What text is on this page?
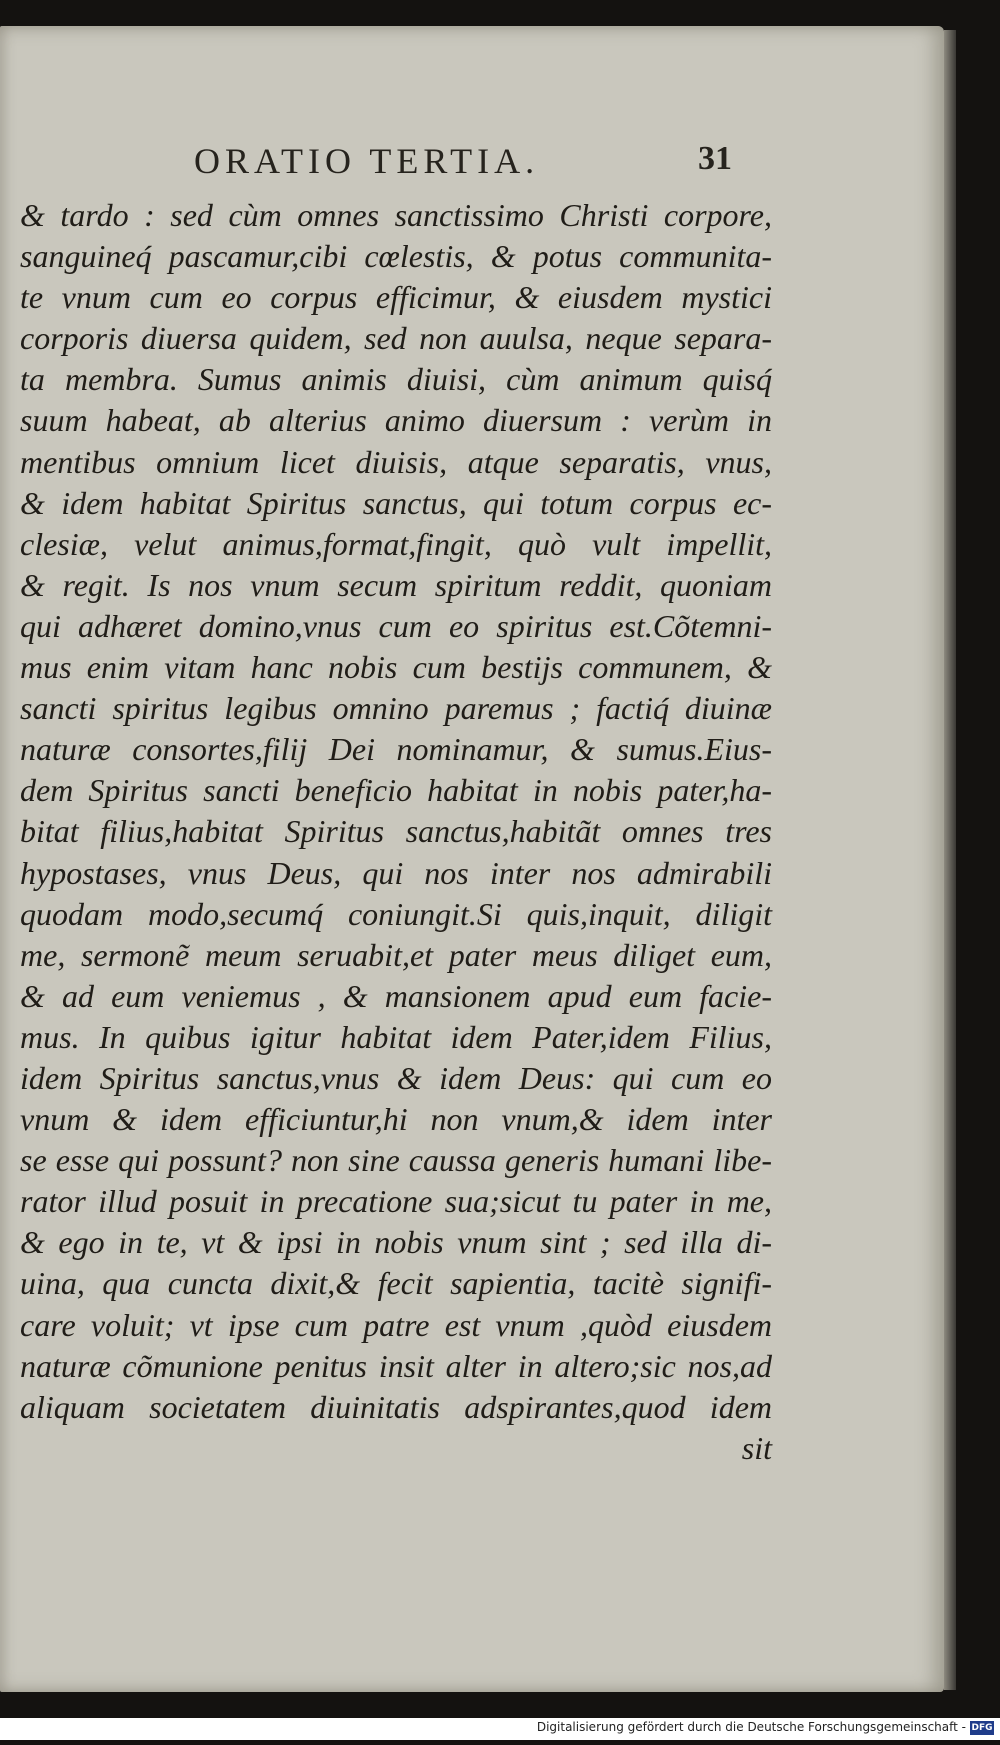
ORATIO TERTIA.	31
& tardo : sed cùm omnes sanctissimo Christi corpore,
sanguineq́ pascamur,cibi cœlestis, & potus communita-
te vnum cum eo corpus efficimur, & eiusdem mystici
corporis diuersa quidem, sed non auulsa, neque separa-
ta membra. Sumus animis diuisi, cùm animum quisq́
suum habeat, ab alterius animo diuersum : verùm in
mentibus omnium licet diuisis, atque separatis, vnus,
& idem habitat Spiritus sanctus, qui totum corpus ec-
clesiæ, velut animus,format,fingit, quò vult impellit,
& regit. Is nos vnum secum spiritum reddit, quoniam
qui adhæret domino,vnus cum eo spiritus est.Cõtemni-
mus enim vitam hanc nobis cum bestijs communem, &
sancti spiritus legibus omnino paremus ; factiq́ diuinæ
naturæ consortes,filij Dei nominamur, & sumus.Eius-
dem Spiritus sancti beneficio habitat in nobis pater,ha-
bitat filius,habitat Spiritus sanctus,habitãt omnes tres
hypostases, vnus Deus, qui nos inter nos admirabili
quodam modo,secumq́ coniungit.Si quis,inquit, diligit
me, sermonẽ meum seruabit,et pater meus diliget eum,
& ad eum veniemus , & mansionem apud eum facie-
mus. In quibus igitur habitat idem Pater,idem Filius,
idem Spiritus sanctus,vnus & idem Deus: qui cum eo
vnum & idem efficiuntur,hi non vnum,& idem inter
se esse qui possunt? non sine caussa generis humani libe-
rator illud posuit in precatione sua;sicut tu pater in me,
& ego in te, vt & ipsi in nobis vnum sint ; sed illa di-
uina, qua cuncta dixit,& fecit sapientia, tacitè signifi-
care voluit; vt ipse cum patre est vnum ,quòd eiusdem
naturæ cõmunione penitus insit alter in altero;sic nos,ad
aliquam societatem diuinitatis adspirantes,quod idem
sit
Digitalisierung gefördert durch die Deutsche Forschungsgemeinschaft - DFG
